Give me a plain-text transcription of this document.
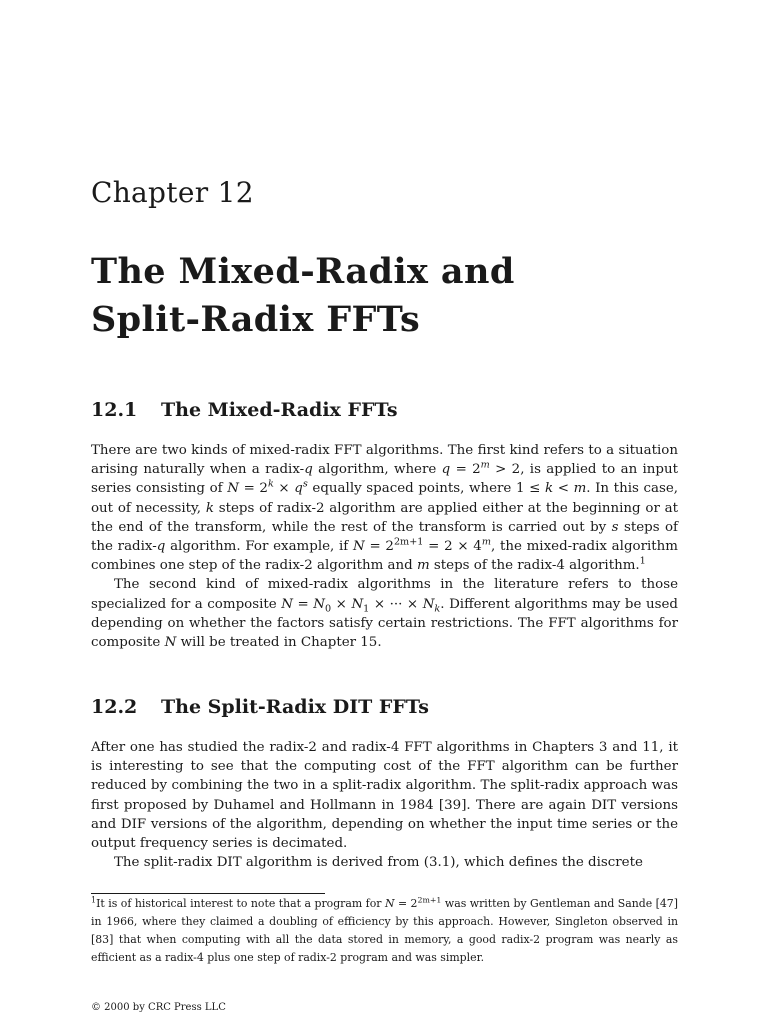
Chapter 12
The Mixed-Radix and
Split-Radix FFTs
12.1 The Mixed-Radix FFTs

There are two kinds of mixed-radix FFT algorithms. The first kind refers to a situation arising naturally when a radix-q algorithm, where $q = 2^m > 2$, is applied to an input series consisting of $N = 2^k \times q^s$ equally spaced points, where 1 ≤ k < m. In this case, out of necessity, k steps of radix-2 algorithm are applied either at the beginning or at the end of the transform, while the rest of the transform is carried out by s steps of the radix-q algorithm. For example, if $N = 2^{2m+1} = 2 \times 4^m$, the mixed-radix algorithm combines one step of the radix-2 algorithm and m steps of the radix-4 algorithm.$^1$

The second kind of mixed-radix algorithms in the literature refers to those specialized for a composite $N = N_0 \times N_1$ × ··· × $N_k$. Different algorithms may be used depending on whether the factors satisfy certain restrictions. The FFT algorithms for composite N will be treated in Chapter 15.

12.2 The Split-Radix DIT FFTs

After one has studied the radix-2 and radix-4 FFT algorithms in Chapters 3 and 11, it is interesting to see that the computing cost of the FFT algorithm can be further reduced by combining the two in a split-radix algorithm. The split-radix approach was first proposed by Duhamel and Hollmann in 1984 [39]. There are again DIT versions and DIF versions of the algorithm, depending on whether the input time series or the output frequency series is decimated.

The split-radix DIT algorithm is derived from (3.1), which defines the discrete

$^1$It is of historical interest to note that a program for $N = 2^{2m+1}$ was written by Gentleman and Sande [47] in 1966, where they claimed a doubling of efficiency by this approach. However, Singleton observed in [83] that when computing with all the data stored in memory, a good radix-2 program was nearly as efficient as a radix-4 plus one step of radix-2 program and was simpler.
© 2000 by CRC Press LLC
